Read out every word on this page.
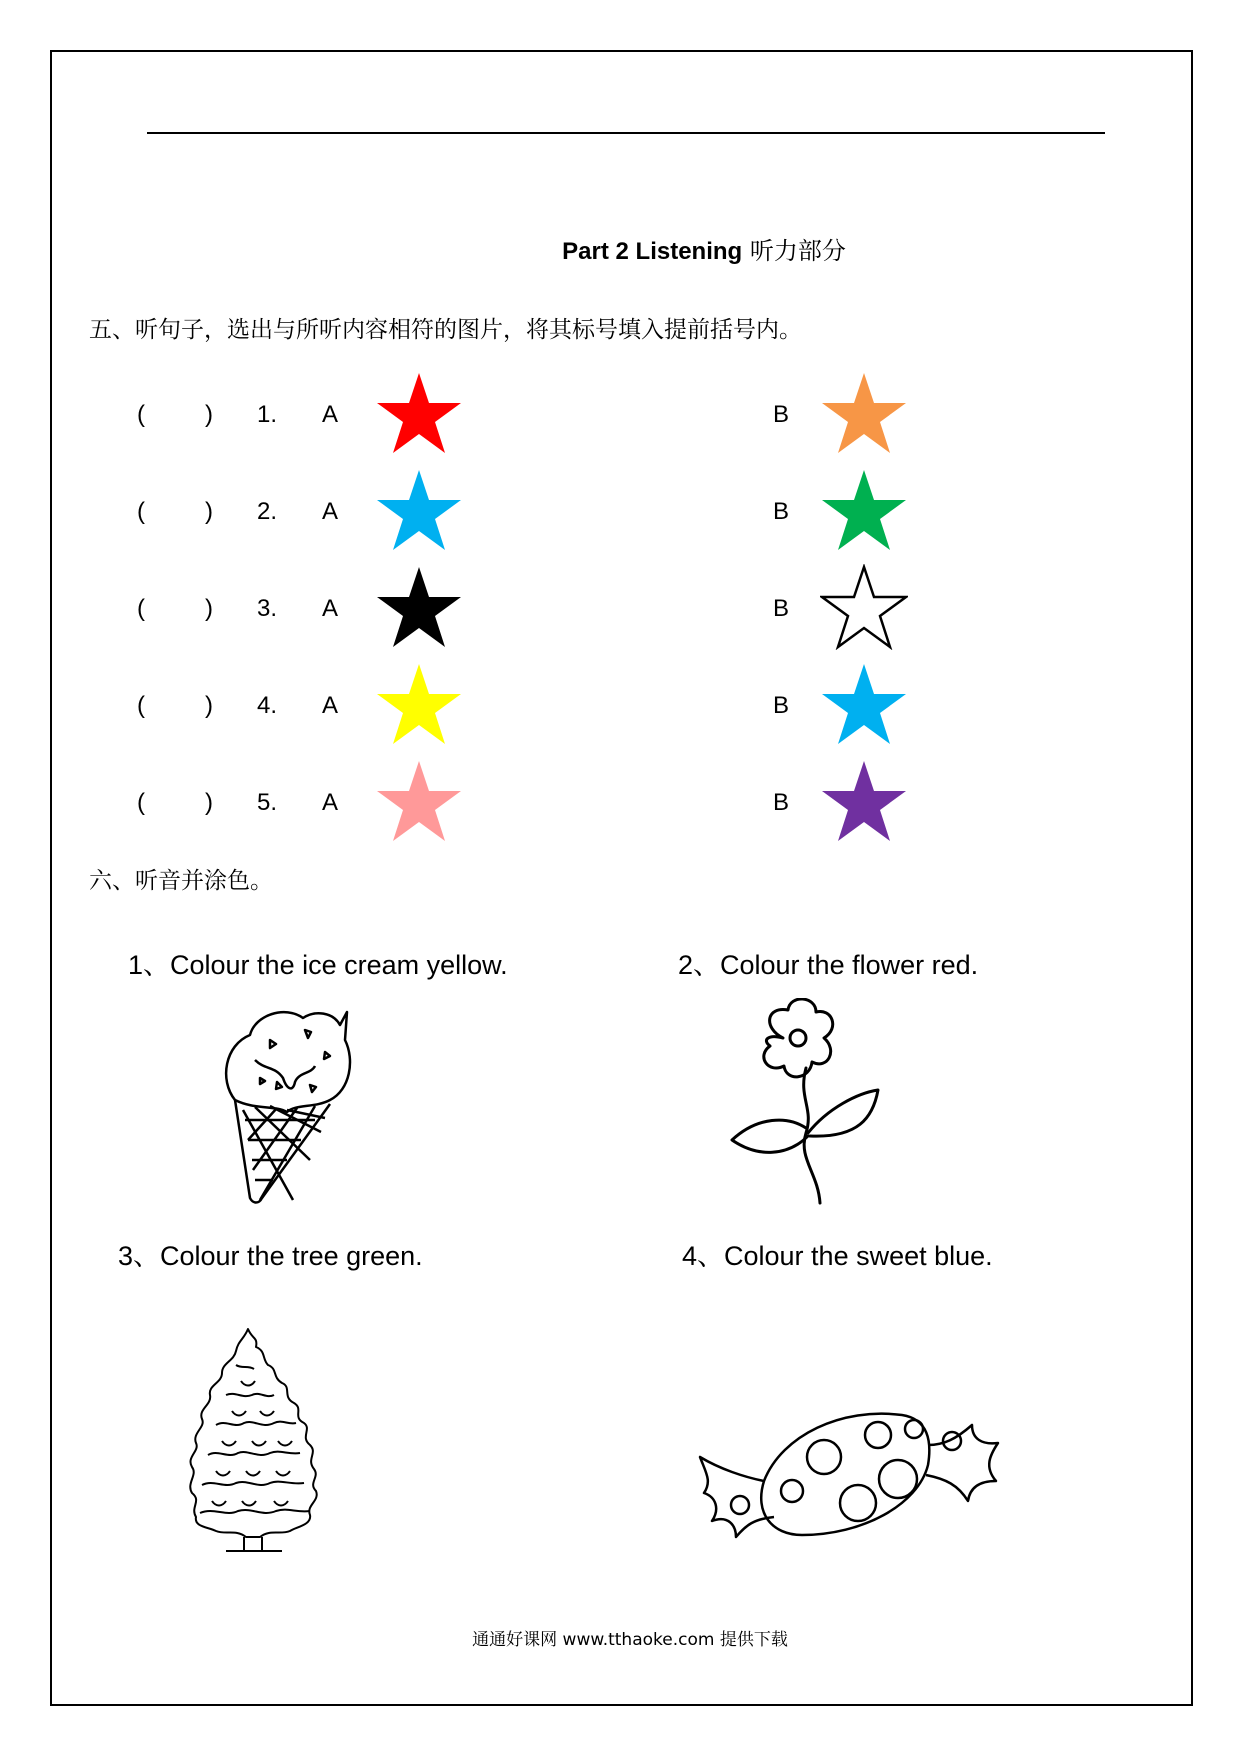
Part 2 Listening 听力部分
五、听句子，选出与所听内容相符的图片，将其标号填入提前括号内。
(	) 1. A	B
(	) 2. A	B
(	) 3. A	B
(	) 4. A	B
(	) 5. A	B
六、听音并涂色。
1、Colour the ice cream yellow.	2、Colour the flower red.
3、Colour the tree green.	4、Colour the sweet blue.
通通好课网 www.tthaoke.com 提供下载
